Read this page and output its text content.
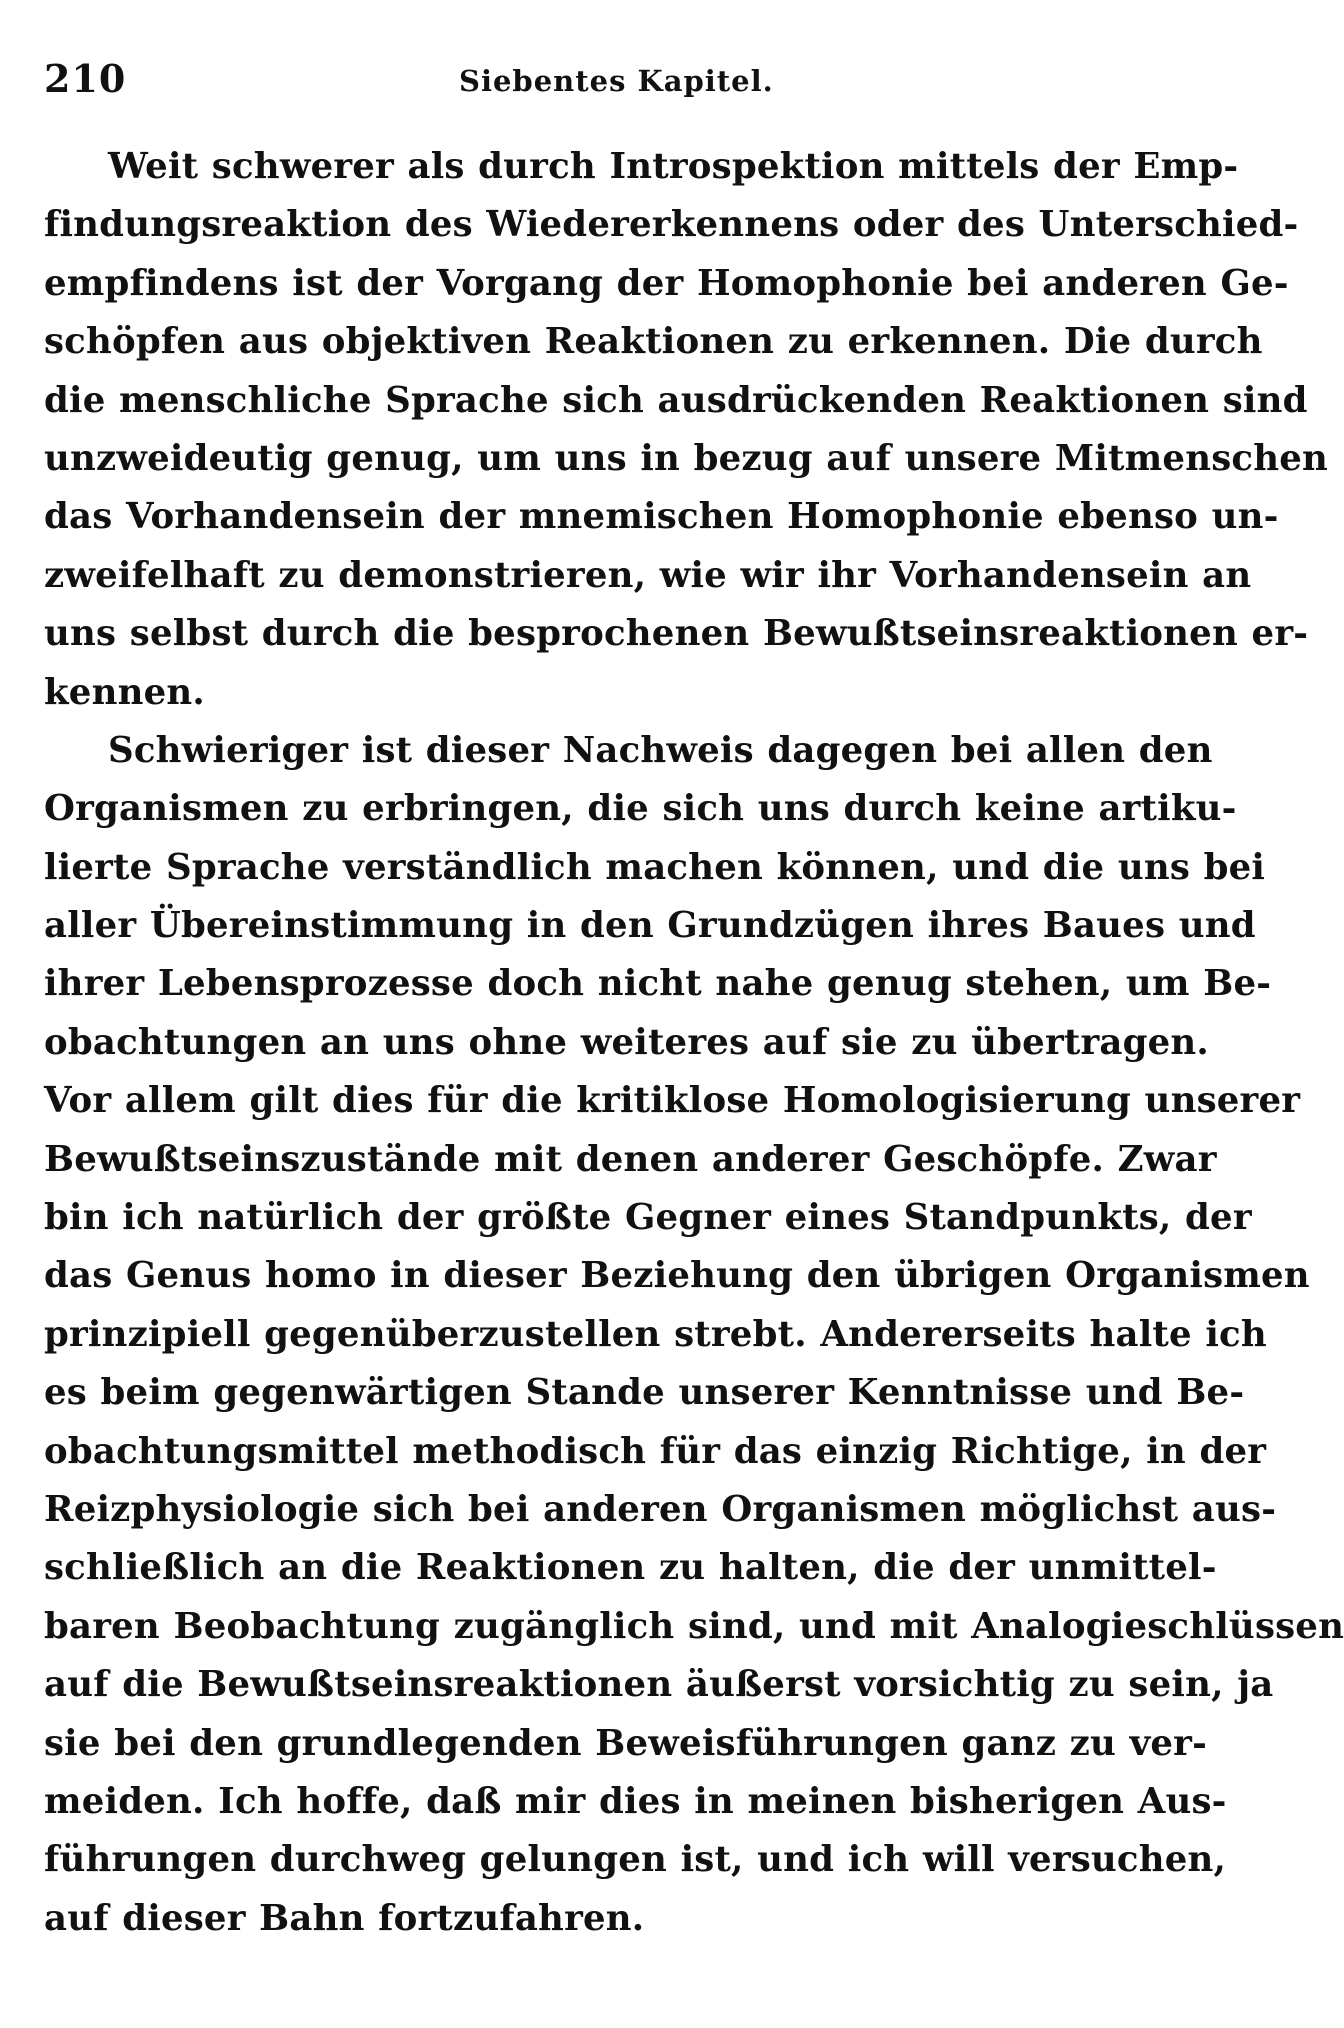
210	Siebentes Kapitel.

Weit schwerer als durch Introspektion mittels der Emp-
findungsreaktion des Wiedererkennens oder des Unterschied-
empfindens ist der Vorgang der Homophonie bei anderen Ge-
schöpfen aus objektiven Reaktionen zu erkennen. Die durch
die menschliche Sprache sich ausdrückenden Reaktionen sind
unzweideutig genug, um uns in bezug auf unsere Mitmenschen
das Vorhandensein der mnemischen Homophonie ebenso un-
zweifelhaft zu demonstrieren, wie wir ihr Vorhandensein an
uns selbst durch die besprochenen Bewußtseinsreaktionen er-
kennen.

Schwieriger ist dieser Nachweis dagegen bei allen den
Organismen zu erbringen, die sich uns durch keine artiku-
lierte Sprache verständlich machen können, und die uns bei
aller Übereinstimmung in den Grundzügen ihres Baues und
ihrer Lebensprozesse doch nicht nahe genug stehen, um Be-
obachtungen an uns ohne weiteres auf sie zu übertragen.
Vor allem gilt dies für die kritiklose Homologisierung unserer
Bewußtseinszustände mit denen anderer Geschöpfe. Zwar
bin ich natürlich der größte Gegner eines Standpunkts, der
das Genus homo in dieser Beziehung den übrigen Organismen
prinzipiell gegenüberzustellen strebt. Andererseits halte ich
es beim gegenwärtigen Stande unserer Kenntnisse und Be-
obachtungsmittel methodisch für das einzig Richtige, in der
Reizphysiologie sich bei anderen Organismen möglichst aus-
schließlich an die Reaktionen zu halten, die der unmittel-
baren Beobachtung zugänglich sind, und mit Analogieschlüssen
auf die Bewußtseinsreaktionen äußerst vorsichtig zu sein, ja
sie bei den grundlegenden Beweisführungen ganz zu ver-
meiden. Ich hoffe, daß mir dies in meinen bisherigen Aus-
führungen durchweg gelungen ist, und ich will versuchen,
auf dieser Bahn fortzufahren.
